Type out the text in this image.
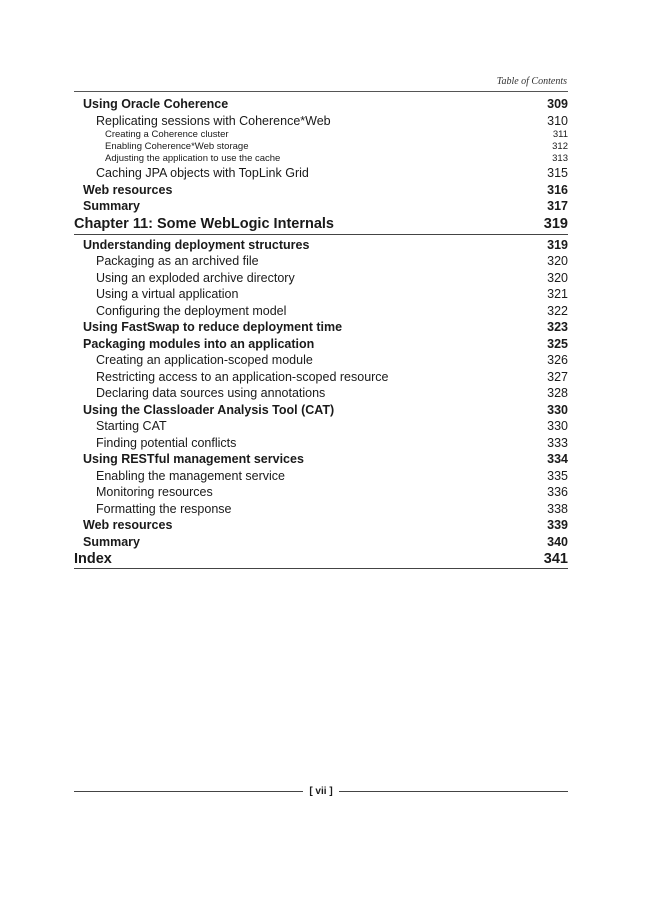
Table of Contents
Using Oracle Coherence	309
Replicating sessions with Coherence*Web	310
Creating a Coherence cluster	311
Enabling Coherence*Web storage	312
Adjusting the application to use the cache	313
Caching JPA objects with TopLink Grid	315
Web resources	316
Summary	317
Chapter 11: Some WebLogic Internals	319
Understanding deployment structures	319
Packaging as an archived file	320
Using an exploded archive directory	320
Using a virtual application	321
Configuring the deployment model	322
Using FastSwap to reduce deployment time	323
Packaging modules into an application	325
Creating an application-scoped module	326
Restricting access to an application-scoped resource	327
Declaring data sources using annotations	328
Using the Classloader Analysis Tool (CAT)	330
Starting CAT	330
Finding potential conflicts	333
Using RESTful management services	334
Enabling the management service	335
Monitoring resources	336
Formatting the response	338
Web resources	339
Summary	340
Index	341
[ vii ]
